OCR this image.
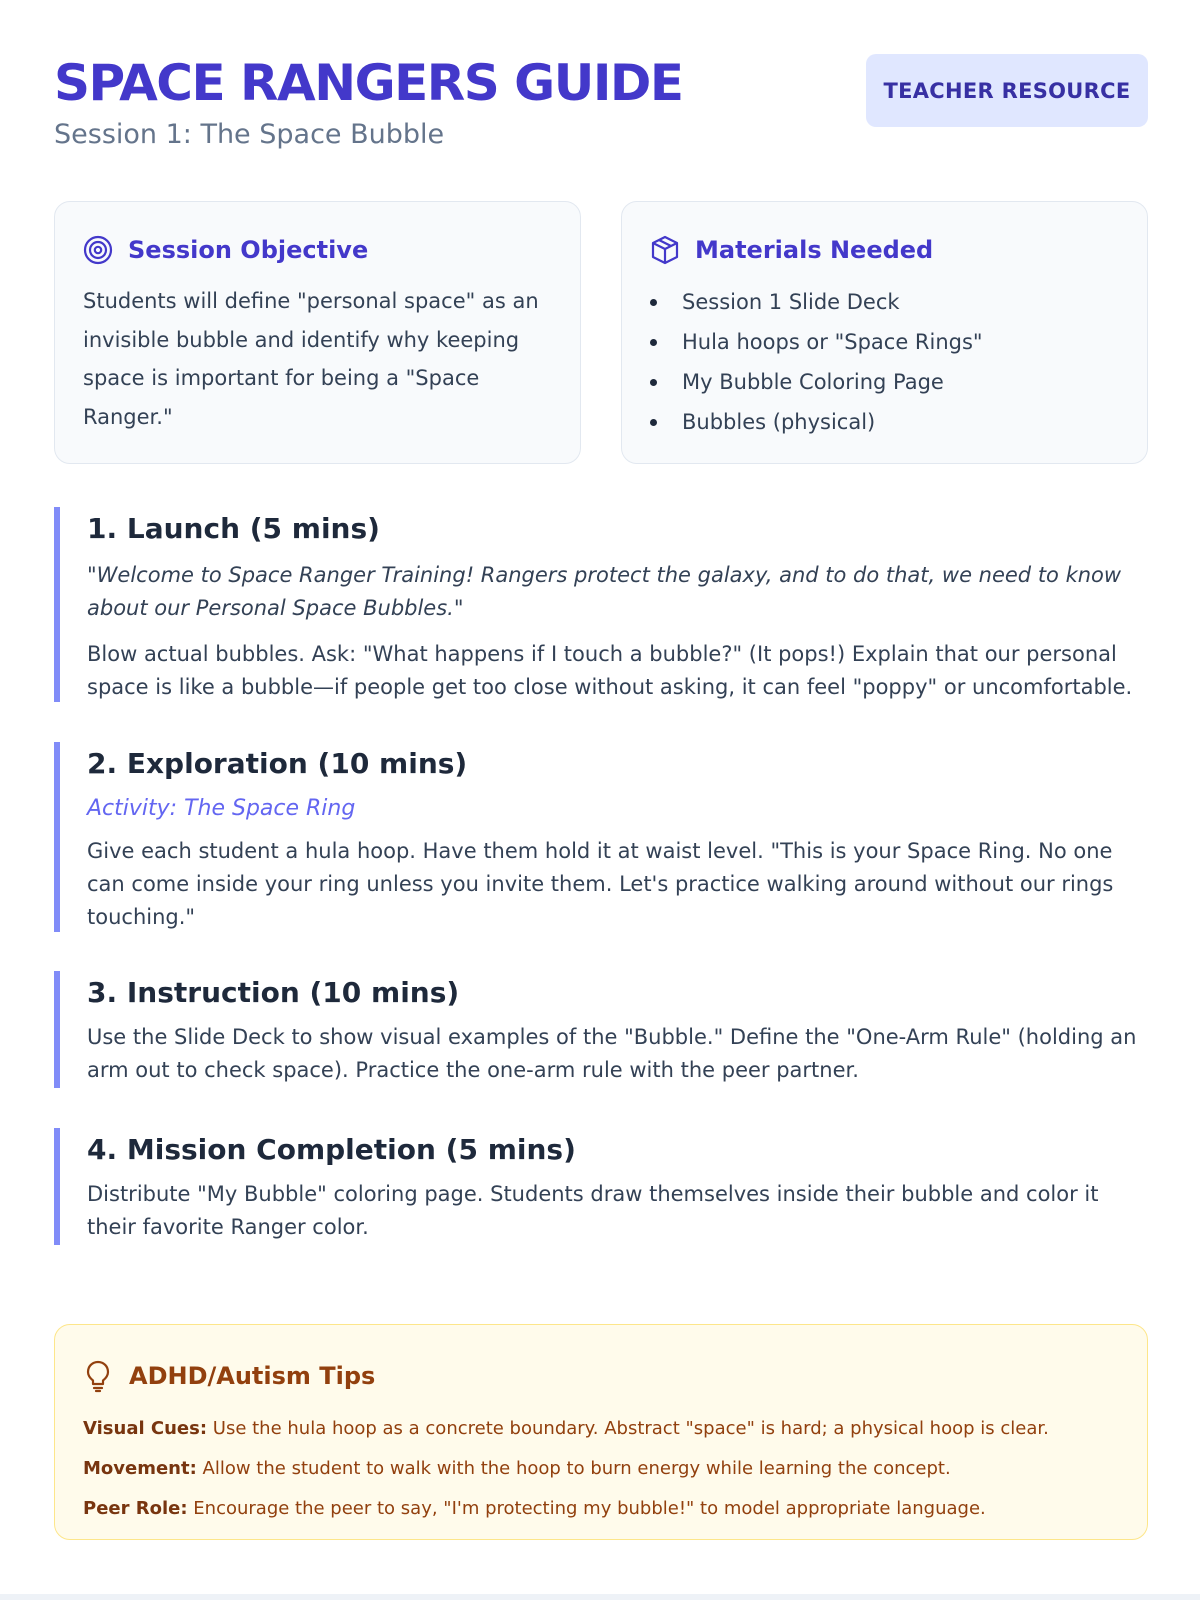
SPACE RANGERS GUIDE
Session 1: The Space Bubble
TEACHER RESOURCE
Session Objective

Students will define "personal space" as an invisible bubble and identify why keeping space is important for being a "Space Ranger."

Materials Needed
Session 1 Slide Deck
Hula hoops or "Space Rings"
My Bubble Coloring Page
Bubbles (physical)
1. Launch (5 mins)

"Welcome to Space Ranger Training! Rangers protect the galaxy, and to do that, we need to know about our Personal Space Bubbles."

Blow actual bubbles. Ask: "What happens if I touch a bubble?" (It pops!) Explain that our personal space is like a bubble—if people get too close without asking, it can feel "poppy" or uncomfortable.

2. Exploration (10 mins)

Activity: The Space Ring

Give each student a hula hoop. Have them hold it at waist level. "This is your Space Ring. No one can come inside your ring unless you invite them. Let's practice walking around without our rings touching."

3. Instruction (10 mins)

Use the Slide Deck to show visual examples of the "Bubble." Define the "One-Arm Rule" (holding an arm out to check space). Practice the one-arm rule with the peer partner.

4. Mission Completion (5 mins)

Distribute "My Bubble" coloring page. Students draw themselves inside their bubble and color it their favorite Ranger color.

ADHD/Autism Tips
Visual Cues: Use the hula hoop as a concrete boundary. Abstract "space" is hard; a physical hoop is clear.
Movement: Allow the student to walk with the hoop to burn energy while learning the concept.
Peer Role: Encourage the peer to say, "I'm protecting my bubble!" to model appropriate language.
